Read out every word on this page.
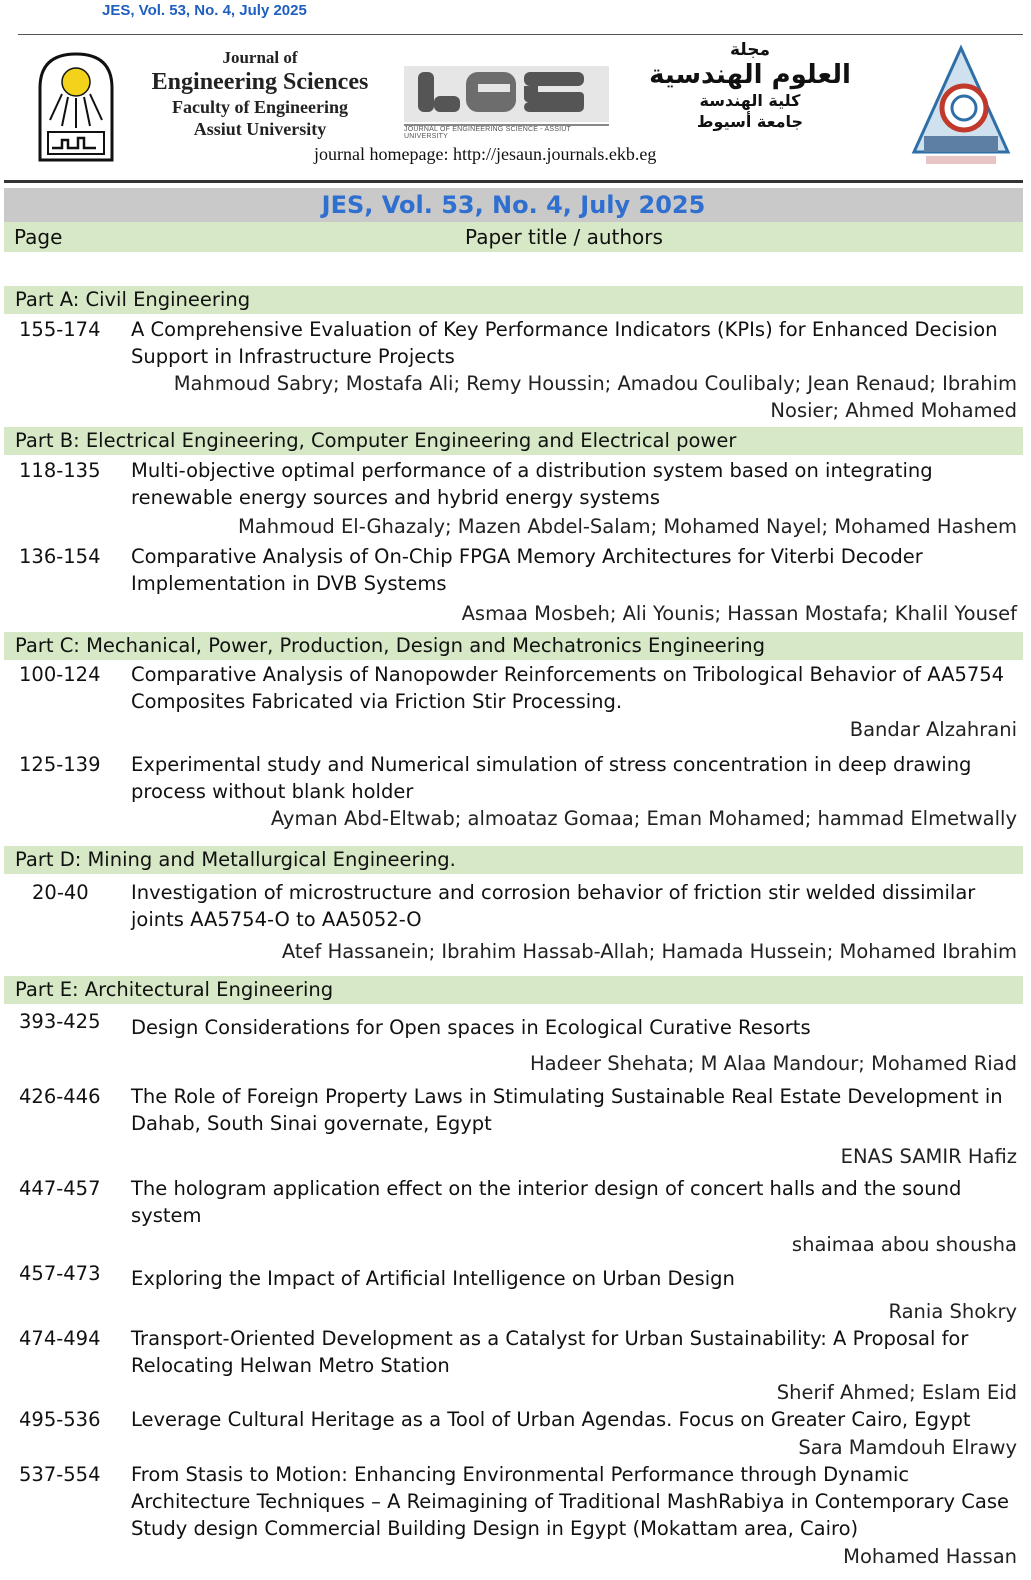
JES, Vol. 53, No. 4, July 2025
Journal of
Engineering Sciences
Faculty of Engineering
Assiut University	JOURNAL OF ENGINEERING SCIENCE - ASSIUT UNIVERSITY
journal homepage: http://jesaun.journals.ekb.eg
مجلة
العلوم الهندسية
كلية الهندسة
جامعة أسيوط
JES, Vol. 53, No. 4, July 2025
Page	Paper title / authors
Part A: Civil Engineering
155-174 A Comprehensive Evaluation of Key Performance Indicators (KPIs) for Enhanced Decision Support in Infrastructure Projects
Mahmoud Sabry; Mostafa Ali; Remy Houssin; Amadou Coulibaly; Jean Renaud; Ibrahim Nosier; Ahmed Mohamed
Part B: Electrical Engineering, Computer Engineering and Electrical power
118-135 Multi-objective optimal performance of a distribution system based on integrating renewable energy sources and hybrid energy systems
Mahmoud El-Ghazaly; Mazen Abdel-Salam; Mohamed Nayel; Mohamed Hashem
136-154 Comparative Analysis of On-Chip FPGA Memory Architectures for Viterbi Decoder Implementation in DVB Systems
Asmaa Mosbeh; Ali Younis; Hassan Mostafa; Khalil Yousef
Part C: Mechanical, Power, Production, Design and Mechatronics Engineering
100-124 Comparative Analysis of Nanopowder Reinforcements on Tribological Behavior of AA5754 Composites Fabricated via Friction Stir Processing.
Bandar Alzahrani
125-139 Experimental study and Numerical simulation of stress concentration in deep drawing process without blank holder
Ayman Abd-Eltwab; almoataz Gomaa; Eman Mohamed; hammad Elmetwally
Part D: Mining and Metallurgical Engineering.
20-40 Investigation of microstructure and corrosion behavior of friction stir welded dissimilar joints AA5754-O to AA5052-O
Atef Hassanein; Ibrahim Hassab-Allah; Hamada Hussein; Mohamed Ibrahim
Part E: Architectural Engineering
393-425 Design Considerations for Open spaces in Ecological Curative Resorts
Hadeer Shehata; M Alaa Mandour; Mohamed Riad
426-446 The Role of Foreign Property Laws in Stimulating Sustainable Real Estate Development in Dahab, South Sinai governate, Egypt
ENAS SAMIR Hafiz
447-457 The hologram application effect on the interior design of concert halls and the sound system
shaimaa abou shousha
457-473 Exploring the Impact of Artificial Intelligence on Urban Design
Rania Shokry
474-494 Transport-Oriented Development as a Catalyst for Urban Sustainability: A Proposal for Relocating Helwan Metro Station
Sherif Ahmed; Eslam Eid
495-536 Leverage Cultural Heritage as a Tool of Urban Agendas. Focus on Greater Cairo, Egypt
Sara Mamdouh Elrawy
537-554 From Stasis to Motion: Enhancing Environmental Performance through Dynamic Architecture Techniques – A Reimagining of Traditional MashRabiya in Contemporary Case Study design Commercial Building Design in Egypt (Mokattam area, Cairo)
Mohamed Hassan
